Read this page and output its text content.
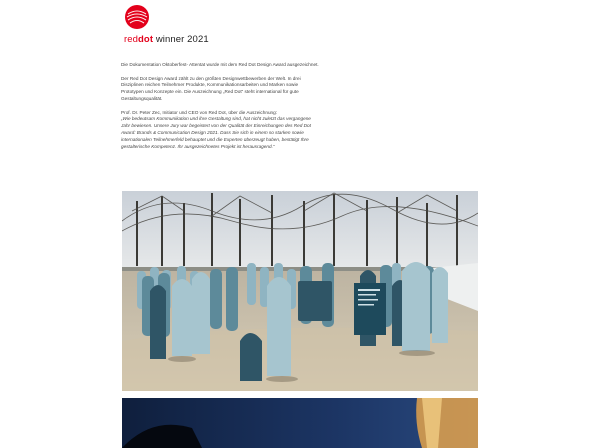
reddot winner 2021

Die Dokumentation Oktoberfest- Attentat wurde mit dem Red Dot Design Award ausgezeichnet.

Der Red Dot Design Award zählt zu den größten Designwettbewerben der Welt. In drei Disziplinen reichen Teilnehmer Produkte, Kommunikationsarbeiten und Marken sowie Prototypen und Konzepte ein. Die Auszeichnung „Red Dot“ steht international für gute Gestaltungsqualität.

Prof. Dr. Peter Zec, Initiator und CEO von Red Dot, über die Auszeichnung:
„Wie bedeutsam Kommunikation und ihre Gestaltung sind, hat nicht zuletzt das vergangene Jahr bewiesen. Unsere Jury war begeistert von der Qualität der Einreichungen des Red Dot Award: Brands & Communication Design 2021. Dass Sie sich in einem so starken sowie internationalen Teilnehmerfeld behauptet und die Experten überzeugt haben, bestätigt Ihre gestalterische Kompetenz. Ihr ausgezeichnetes Projekt ist herausragend.“
